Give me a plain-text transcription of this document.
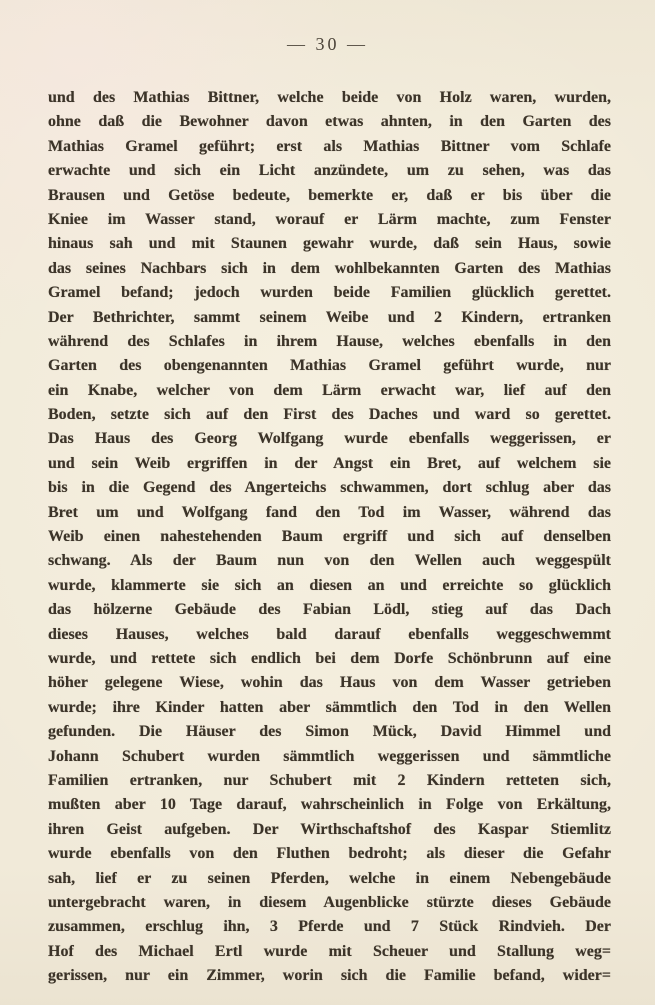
— 30 —
und des Mathias Bittner, welche beide von Holz waren, wurden,
ohne daß die Bewohner davon etwas ahnten, in den Garten des
Mathias Gramel geführt; erst als Mathias Bittner vom Schlafe
erwachte und sich ein Licht anzündete, um zu sehen, was das
Brausen und Getöse bedeute, bemerkte er, daß er bis über die
Kniee im Wasser stand, worauf er Lärm machte, zum Fenster
hinaus sah und mit Staunen gewahr wurde, daß sein Haus, sowie
das seines Nachbars sich in dem wohlbekannten Garten des Mathias
Gramel befand; jedoch wurden beide Familien glücklich gerettet.
Der Bethrichter, sammt seinem Weibe und 2 Kindern, ertranken
während des Schlafes in ihrem Hause, welches ebenfalls in den
Garten des obengenannten Mathias Gramel geführt wurde, nur
ein Knabe, welcher von dem Lärm erwacht war, lief auf den
Boden, setzte sich auf den First des Daches und ward so gerettet.
Das Haus des Georg Wolfgang wurde ebenfalls weggerissen, er
und sein Weib ergriffen in der Angst ein Bret, auf welchem sie
bis in die Gegend des Angerteichs schwammen, dort schlug aber das
Bret um und Wolfgang fand den Tod im Wasser, während das
Weib einen nahestehenden Baum ergriff und sich auf denselben
schwang. Als der Baum nun von den Wellen auch weggespült
wurde, klammerte sie sich an diesen an und erreichte so glücklich
das hölzerne Gebäude des Fabian Lödl, stieg auf das Dach
dieses Hauses, welches bald darauf ebenfalls weggeschwemmt
wurde, und rettete sich endlich bei dem Dorfe Schönbrunn auf eine
höher gelegene Wiese, wohin das Haus von dem Wasser getrieben
wurde; ihre Kinder hatten aber sämmtlich den Tod in den Wellen
gefunden. Die Häuser des Simon Mück, David Himmel und
Johann Schubert wurden sämmtlich weggerissen und sämmtliche
Familien ertranken, nur Schubert mit 2 Kindern retteten sich,
mußten aber 10 Tage darauf, wahrscheinlich in Folge von Erkältung,
ihren Geist aufgeben. Der Wirthschaftshof des Kaspar Stiemlitz
wurde ebenfalls von den Fluthen bedroht; als dieser die Gefahr
sah, lief er zu seinen Pferden, welche in einem Nebengebäude
untergebracht waren, in diesem Augenblicke stürzte dieses Gebäude
zusammen, erschlug ihn, 3 Pferde und 7 Stück Rindvieh. Der
Hof des Michael Ertl wurde mit Scheuer und Stallung weg=
gerissen, nur ein Zimmer, worin sich die Familie befand, wider=
